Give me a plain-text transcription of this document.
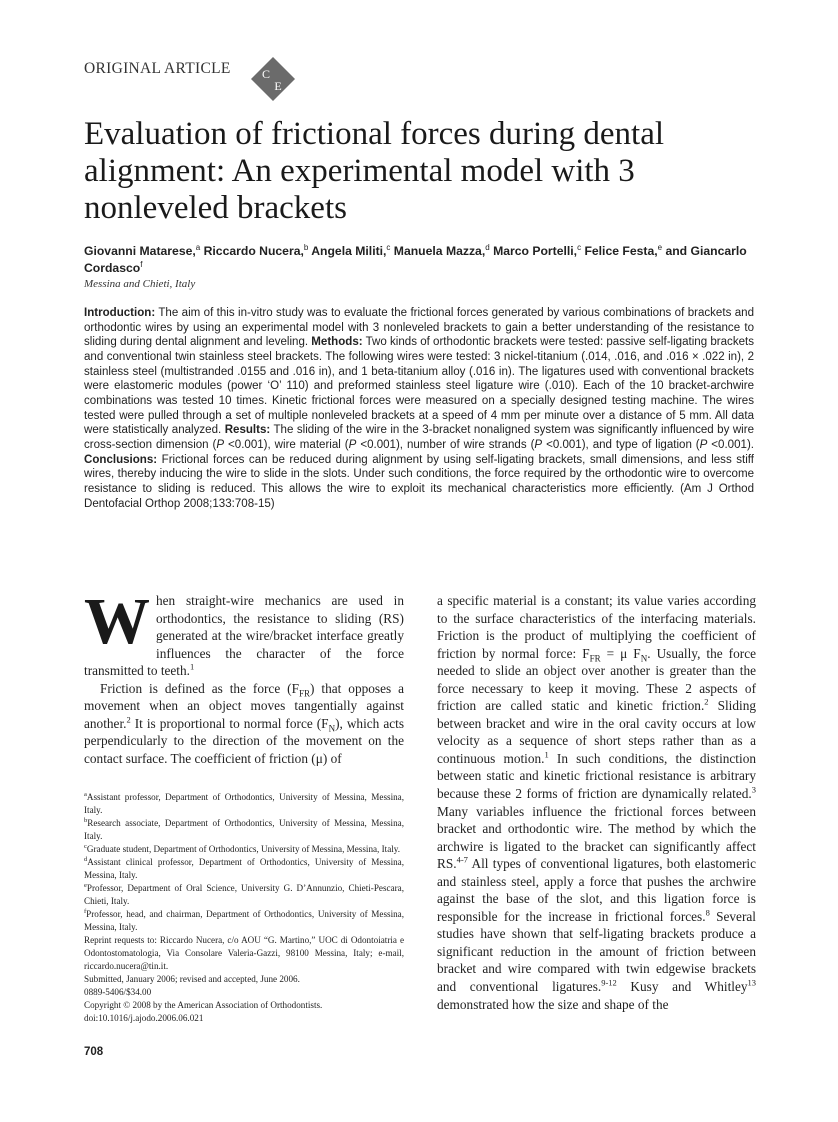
ORIGINAL ARTICLE	C
E
Evaluation of frictional forces during dental alignment: An experimental model with 3 nonleveled brackets
Giovanni Matarese,$^a$ Riccardo Nucera,$^b$ Angela Militi,$^c$ Manuela Mazza,$^d$ Marco Portelli,$^c$ Felice Festa,$^e$ and Giancarlo Cordasco$^f$
Messina and Chieti, Italy
Introduction: The aim of this in-vitro study was to evaluate the frictional forces generated by various combinations of brackets and orthodontic wires by using an experimental model with 3 nonleveled brackets to gain a better understanding of the resistance to sliding during dental alignment and leveling. Methods: Two kinds of orthodontic brackets were tested: passive self-ligating brackets and conventional twin stainless steel brackets. The following wires were tested: 3 nickel-titanium (.014, .016, and .016 × .022 in), 2 stainless steel (multistranded .0155 and .016 in), and 1 beta-titanium alloy (.016 in). The ligatures used with conventional brackets were elastomeric modules (power ‘O’ 110) and preformed stainless steel ligature wire (.010). Each of the 10 bracket-archwire combinations was tested 10 times. Kinetic frictional forces were measured on a specially designed testing machine. The wires tested were pulled through a set of multiple nonleveled brackets at a speed of 4 mm per minute over a distance of 5 mm. All data were statistically analyzed. Results: The sliding of the wire in the 3-bracket nonaligned system was significantly influenced by wire cross-section dimension (P <0.001), wire material (P <0.001), number of wire strands (P <0.001), and type of ligation (P <0.001). Conclusions: Frictional forces can be reduced during alignment by using self-ligating brackets, small dimensions, and less stiff wires, thereby inducing the wire to slide in the slots. Under such conditions, the force required by the orthodontic wire to overcome resistance to sliding is reduced. This allows the wire to exploit its mechanical characteristics more efficiently. (Am J Orthod Dentofacial Orthop 2008;133:708-15)

When straight-wire mechanics are used in orthodontics, the resistance to sliding (RS) generated at the wire/bracket interface greatly influences the character of the force transmitted to teeth.$^1$

Friction is defined as the force $(F_{FR})$ that opposes a movement when an object moves tangentially against another.$^2$ It is proportional to normal force $(F_N)$, which acts perpendicularly to the direction of the movement on the contact surface. The coefficient of friction (μ) of

$^a$Assistant professor, Department of Orthodontics, University of Messina, Messina, Italy.

$^b$Research associate, Department of Orthodontics, University of Messina, Messina, Italy.

$^c$Graduate student, Department of Orthodontics, University of Messina, Messina, Italy.

$^d$Assistant clinical professor, Department of Orthodontics, University of Messina, Messina, Italy.

$^e$Professor, Department of Oral Science, University G. D’Annunzio, Chieti-Pescara, Chieti, Italy.

$^f$Professor, head, and chairman, Department of Orthodontics, University of Messina, Messina, Italy.

Reprint requests to: Riccardo Nucera, c/o AOU “G. Martino,” UOC di Odontoiatria e Odontostomatologia, Via Consolare Valeria-Gazzi, 98100 Messina, Italy; e-mail, riccardo.nucera@tin.it.

Submitted, January 2006; revised and accepted, June 2006.

0889-5406/$34.00

Copyright © 2008 by the American Association of Orthodontists.

doi:10.1016/j.ajodo.2006.06.021

a specific material is a constant; its value varies according to the surface characteristics of the interfacing materials. Friction is the product of multiplying the coefficient of friction by normal force: $F_{FR} = \mu$ $F_N$. Usually, the force needed to slide an object over another is greater than the force necessary to keep it moving. These 2 aspects of friction are called static and kinetic friction.$^2$ Sliding between bracket and wire in the oral cavity occurs at low velocity as a sequence of short steps rather than as a continuous motion.$^1$ In such conditions, the distinction between static and kinetic frictional resistance is arbitrary because these 2 forms of friction are dynamically related.$^3$ Many variables influence the frictional forces between bracket and orthodontic wire. The method by which the archwire is ligated to the bracket can significantly affect RS.$^{4-7}$ All types of conventional ligatures, both elastomeric and stainless steel, apply a force that pushes the archwire against the base of the slot, and this ligation force is responsible for the increase in frictional forces.$^8$ Several studies have shown that self-ligating brackets produce a significant reduction in the amount of friction between bracket and wire compared with twin edgewise brackets and conventional ligatures.$^{9-12}$ Kusy and Whitley$^{13}$ demonstrated how the size and shape of the

708
